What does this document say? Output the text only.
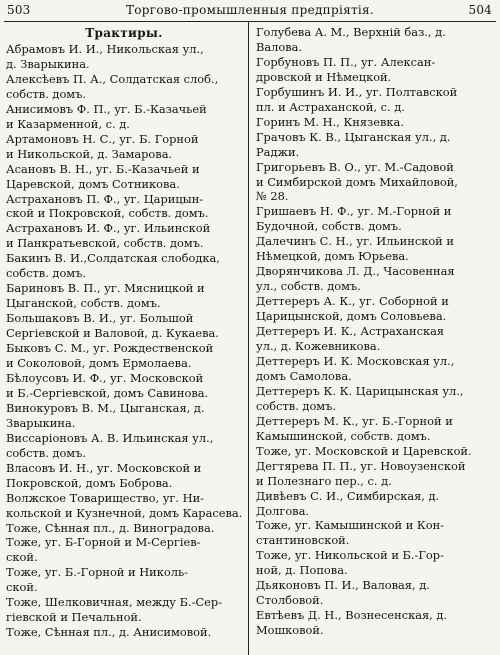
503	Торгово-промышленныя предпріятія.	504
Трактиры.
Абрамовъ И. И., Никольская ул.,
д. Зварыкина.
Алексѣевъ П. А., Солдатская слоб.,
собств. домъ.
Анисимовъ Ф. П., уг. Б.-Казачьей
и Казарменной, с. д.
Артамоновъ Н. С., уг. Б. Горной
и Никольской, д. Замарова.
Асановъ В. Н., уг. Б.-Казачьей и
Царевской, домъ Сотникова.
Астрахановъ П. Ф., уг. Царицын-
ской и Покровской, собств. домъ.
Астрахановъ И. Ф., уг. Ильинской
и Панкратьевской, собств. домъ.
Бакинъ В. И.,Солдатская слободка,
собств. домъ.
Бариновъ В. П., уг. Мясницкой и
Цыганской, собств. домъ.
Большаковъ В. И., уг. Большой
Сергіевской и Валовой, д. Кукаева.
Быковъ С. М., уг. Рождественской
и Соколовой, домъ Ермолаева.
Бѣлоусовъ И. Ф., уг. Московской
и Б.-Сергіевской, домъ Савинова.
Винокуровъ В. М., Цыганская, д.
Зварыкина.
Виссаріоновъ А. В. Ильинская ул.,
собств. домъ.
Власовъ И. Н., уг. Московской и
Покровской, домъ Боброва.
Волжское Товарищество, уг. Ни-
кольской и Кузнечной, домъ Карасева.
Тоже, Сѣнная пл., д. Виноградова.
Тоже, уг. Б-Горной и М-Сергіев-
ской.
Тоже, уг. Б.-Горной и Николь-
ской.
Тоже, Шелковичная, между Б.-Сер-
гіевской и Печальной.
Тоже, Сѣнная пл., д. Анисимовой.
Голубева А. М., Верхній баз., д.
Валова.
Горбуновъ П. П., уг. Алексан-
дровской и Нѣмецкой.
Горбушинъ И. И., уг. Полтавской
пл. и Астраханской, с. д.
Горинъ М. Н., Князевка.
Грачовъ К. В., Цыганская ул., д.
Раджи.
Григорьевъ В. О., уг. М.-Садовой
и Симбирской домъ Михайловой,
№ 28.
Гришаевъ Н. Ф., уг. М.-Горной и
Будочной, собств. домъ.
Далечинъ С. Н., уг. Ильинской и
Нѣмецкой, домъ Юрьева.
Дворянчикова Л. Д., Часовенная
ул., собств. домъ.
Деттереръ А. К., уг. Соборной и
Царицынской, домъ Соловьева.
Деттереръ И. К., Астраханская
ул., д. Кожевникова.
Деттереръ И. К. Московская ул.,
домъ Самолова.
Деттереръ К. К. Царицынская ул.,
собств. домъ.
Деттереръ М. К., уг. Б.-Горной и
Камышинской, собств. домъ.
Тоже, уг. Московской и Царевской.
Дегтярева П. П., уг. Новоузенской
и Полезнаго пер., с. д.
Дивѣевъ С. И., Симбирская, д.
Долгова.
Тоже, уг. Камышинской и Кон-
стантиновской.
Тоже, уг. Никольской и Б.-Гор-
ной, д. Попова.
Дьяконовъ П. И., Валовая, д.
Столбовой.
Евтѣевъ Д. Н., Вознесенская, д.
Мошковой.
